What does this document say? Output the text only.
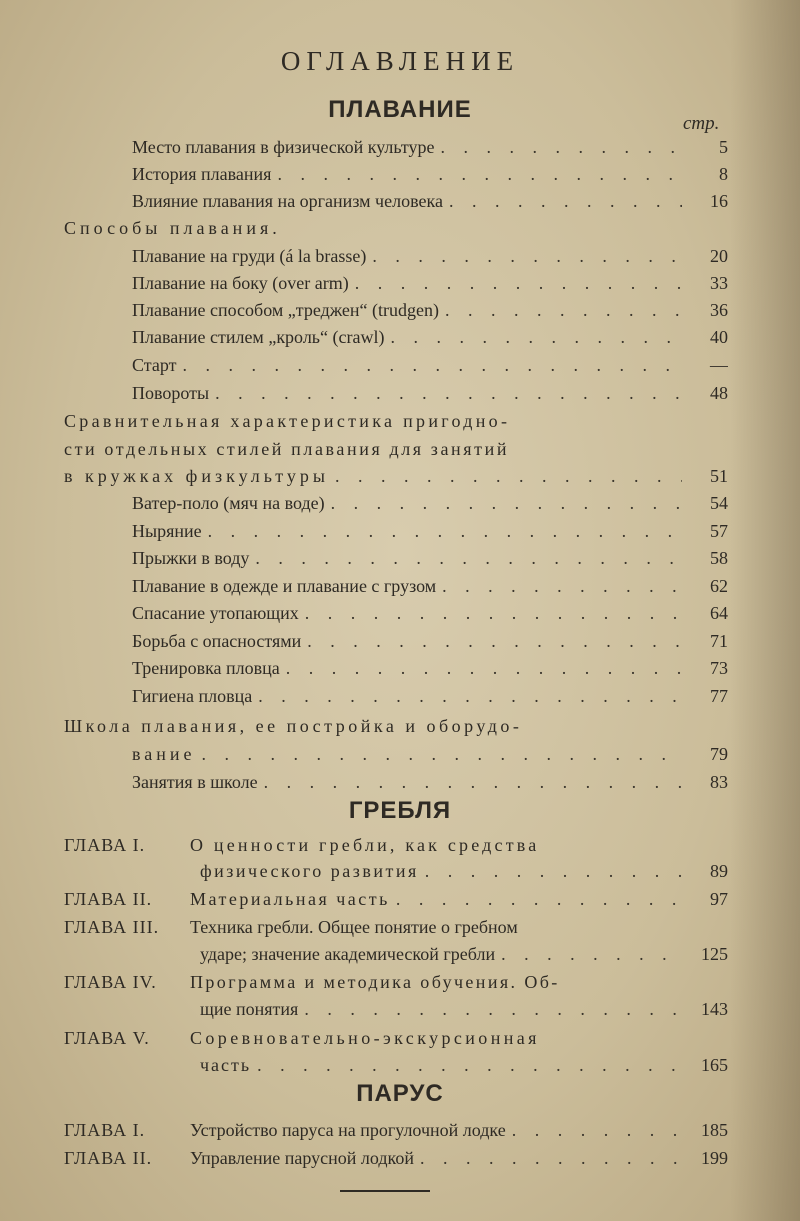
ОГЛАВЛЕНИЕ
ПЛАВАНИЕ
стр.
Место плавания в физической культуре . . .	5
История плавания . . .	8
Влияние плавания на организм человека . . .	16
Способы плавания.
Плавание на груди (á la brasse) . . .	20
Плавание на боку (over arm) . . .	33
Плавание способом „треджен“ (trudgen) . . .	36
Плавание стилем „кроль“ (crawl) . . .	40
Старт . . .	—
Повороты . . .	48
Сравнительная характеристика пригодно-
сти отдельных стилей плавания для занятий
в кружках физкультуры . . .	51
Ватер-поло (мяч на воде) . . .	54
Ныряние . . .	57
Прыжки в воду . . .	58
Плавание в одежде и плавание с грузом . . .	62
Спасание утопающих . . .	64
Борьба с опасностями . . .	71
Тренировка пловца . . .	73
Гигиена пловца . . .	77
Школа плавания, ее постройка и оборудо-
вание . . .	79
Занятия в школе . . .	83
ГРЕБЛЯ
ГЛАВА I. О ценности гребли, как средства
физического развития . . .	89
ГЛАВА II. Материальная часть . . .	97
ГЛАВА III. Техника гребли. Общее понятие о гребном
ударе; значение академической гребли . . .	125
ГЛАВА IV. Программа и методика обучения. Об-
щие понятия . . .	143
ГЛАВА V. Соревновательно-экскурсионная
часть . . .	165
ПАРУС
ГЛАВА I. Устройство паруса на прогулочной лодке . . .	185
ГЛАВА II. Управление парусной лодкой . . .	199
